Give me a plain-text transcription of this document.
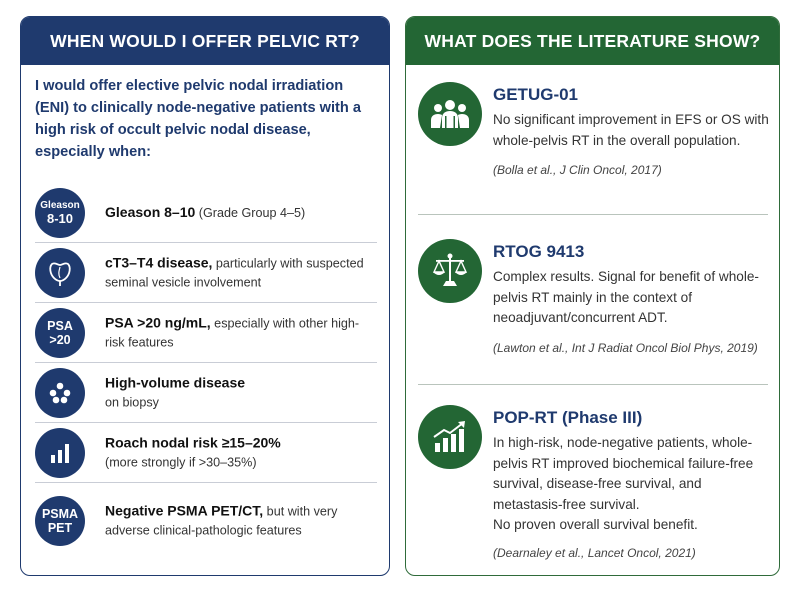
WHEN WOULD I OFFER PELVIC RT?
I would offer elective pelvic nodal irradiation (ENI) to clinically node-negative patients with a high risk of occult pelvic nodal disease, especially when:
Gleason
8-10 Gleason 8–10 (Grade Group 4–5)
cT3–T4 disease, particularly with suspected seminal vesicle involvement
PSA
>20
PSA >20 ng/mL, especially with other high-risk features
High-volume disease
on biopsy
Roach nodal risk ≥15–20%
(more strongly if >30–35%)
PSMA
PET
Negative PSMA PET/CT, but with very adverse clinical-pathologic features
WHAT DOES THE LITERATURE SHOW?
GETUG-01
No significant improvement in EFS or OS with whole-pelvis RT in the overall population.
(Bolla et al., J Clin Oncol, 2017)
RTOG 9413
Complex results. Signal for benefit of whole-pelvis RT mainly in the context of neoadjuvant/concurrent ADT.
(Lawton et al., Int J Radiat Oncol Biol Phys, 2019)
POP-RT (Phase III)
In high-risk, node-negative patients, whole-pelvis RT improved biochemical failure-free survival, disease-free survival, and metastasis-free survival.
No proven overall survival benefit.
(Dearnaley et al., Lancet Oncol, 2021)
